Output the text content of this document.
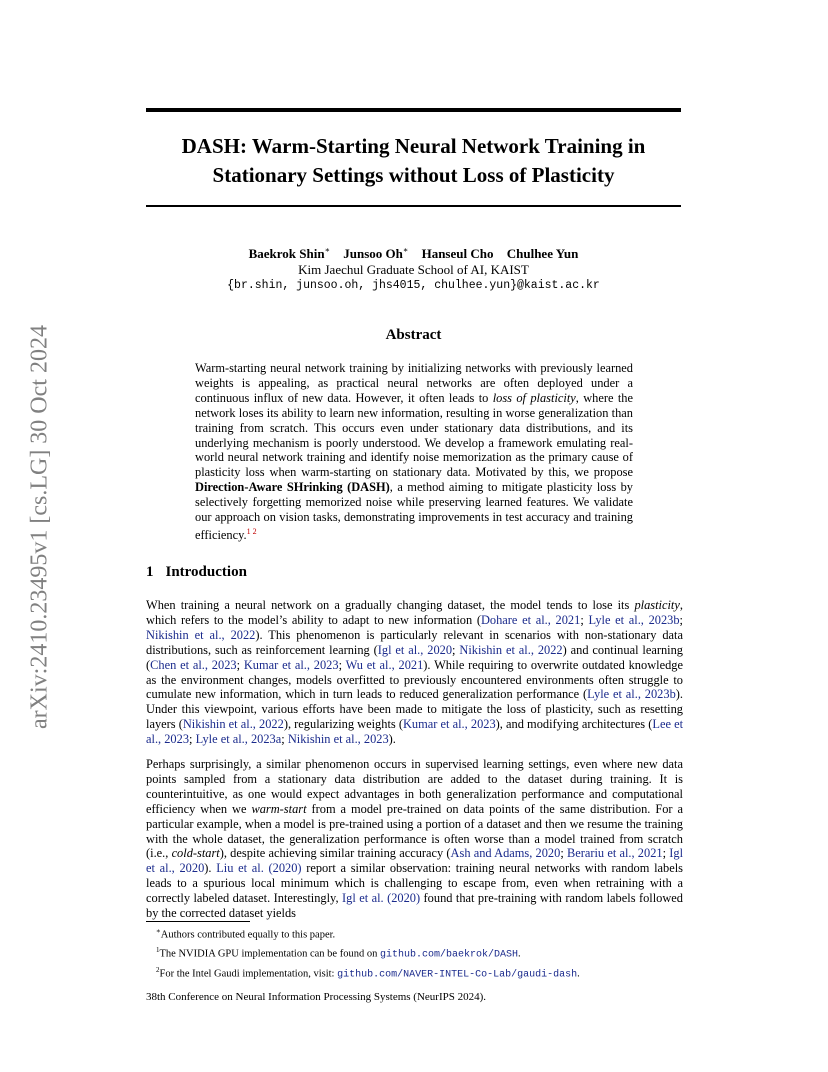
arXiv:2410.23495v1 [cs.LG] 30 Oct 2024
DASH: Warm-Starting Neural Network Training in
Stationary Settings without Loss of Plasticity
Baekrok Shin∗ Junsoo Oh∗ Hanseul Cho Chulhee Yun
Kim Jaechul Graduate School of AI, KAIST
{br.shin, junsoo.oh, jhs4015, chulhee.yun}@kaist.ac.kr
Abstract
Warm-starting neural network training by initializing networks with previously learned weights is appealing, as practical neural networks are often deployed under a continuous influx of new data. However, it often leads to loss of plasticity, where the network loses its ability to learn new information, resulting in worse generalization than training from scratch. This occurs even under stationary data distributions, and its underlying mechanism is poorly understood. We develop a framework emulating real-world neural network training and identify noise memorization as the primary cause of plasticity loss when warm-starting on stationary data. Motivated by this, we propose Direction-Aware SHrinking (DASH), a method aiming to mitigate plasticity loss by selectively forgetting memorized noise while preserving learned features. We validate our approach on vision tasks, demonstrating improvements in test accuracy and training efficiency.$^{1 2}$
1 Introduction
When training a neural network on a gradually changing dataset, the model tends to lose its plasticity, which refers to the model’s ability to adapt to new information (Dohare et al., 2021; Lyle et al., 2023b; Nikishin et al., 2022). This phenomenon is particularly relevant in scenarios with non-stationary data distributions, such as reinforcement learning (Igl et al., 2020; Nikishin et al., 2022) and continual learning (Chen et al., 2023; Kumar et al., 2023; Wu et al., 2021). While requiring to overwrite outdated knowledge as the environment changes, models overfitted to previously encountered environments often struggle to cumulate new information, which in turn leads to reduced generalization performance (Lyle et al., 2023b). Under this viewpoint, various efforts have been made to mitigate the loss of plasticity, such as resetting layers (Nikishin et al., 2022), regularizing weights (Kumar et al., 2023), and modifying architectures (Lee et al., 2023; Lyle et al., 2023a; Nikishin et al., 2023).
Perhaps surprisingly, a similar phenomenon occurs in supervised learning settings, even where new data points sampled from a stationary data distribution are added to the dataset during training. It is counterintuitive, as one would expect advantages in both generalization performance and computational efficiency when we warm-start from a model pre-trained on data points of the same distribution. For a particular example, when a model is pre-trained using a portion of a dataset and then we resume the training with the whole dataset, the generalization performance is often worse than a model trained from scratch (i.e., cold-start), despite achieving similar training accuracy (Ash and Adams, 2020; Berariu et al., 2021; Igl et al., 2020). Liu et al. (2020) report a similar observation: training neural networks with random labels leads to a spurious local minimum which is challenging to escape from, even when retraining with a correctly labeled dataset. Interestingly, Igl et al. (2020) found that pre-training with random labels followed by the corrected dataset yields
∗Authors contributed equally to this paper.
$^1$The NVIDIA GPU implementation can be found on github.com/baekrok/DASH.
$^2$For the Intel Gaudi implementation, visit: github.com/NAVER-INTEL-Co-Lab/gaudi-dash.
38th Conference on Neural Information Processing Systems (NeurIPS 2024).
